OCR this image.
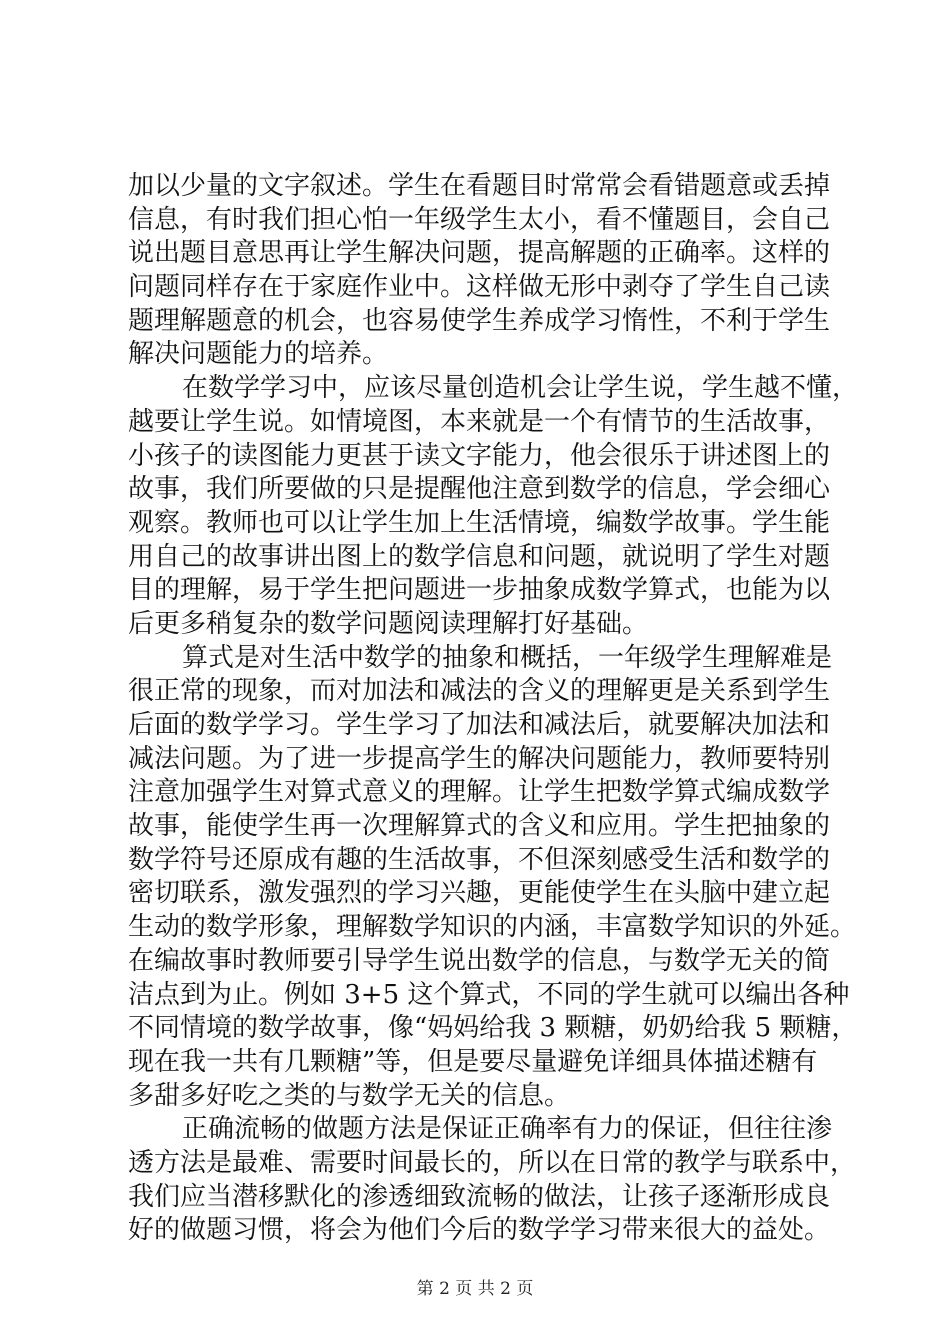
加以少量的文字叙述。学生在看题目时常常会看错题意或丢掉
信息，有时我们担心怕一年级学生太小，看不懂题目，会自己
说出题目意思再让学生解决问题，提高解题的正确率。这样的
问题同样存在于家庭作业中。这样做无形中剥夺了学生自己读
题理解题意的机会，也容易使学生养成学习惰性，不利于学生
解决问题能力的培养。
在数学学习中，应该尽量创造机会让学生说，学生越不懂，
越要让学生说。如情境图，本来就是一个有情节的生活故事，
小孩子的读图能力更甚于读文字能力，他会很乐于讲述图上的
故事，我们所要做的只是提醒他注意到数学的信息，学会细心
观察。教师也可以让学生加上生活情境，编数学故事。学生能
用自己的故事讲出图上的数学信息和问题，就说明了学生对题
目的理解，易于学生把问题进一步抽象成数学算式，也能为以
后更多稍复杂的数学问题阅读理解打好基础。
算式是对生活中数学的抽象和概括，一年级学生理解难是
很正常的现象，而对加法和减法的含义的理解更是关系到学生
后面的数学学习。学生学习了加法和减法后，就要解决加法和
减法问题。为了进一步提高学生的解决问题能力，教师要特别
注意加强学生对算式意义的理解。让学生把数学算式编成数学
故事，能使学生再一次理解算式的含义和应用。学生把抽象的
数学符号还原成有趣的生活故事，不但深刻感受生活和数学的
密切联系，激发强烈的学习兴趣，更能使学生在头脑中建立起
生动的数学形象，理解数学知识的内涵，丰富数学知识的外延。
在编故事时教师要引导学生说出数学的信息，与数学无关的简
洁点到为止。例如 3+5 这个算式，不同的学生就可以编出各种
不同情境的数学故事，像“妈妈给我 3 颗糖，奶奶给我 5 颗糖，
现在我一共有几颗糖”等，但是要尽量避免详细具体描述糖有
多甜多好吃之类的与数学无关的信息。
正确流畅的做题方法是保证正确率有力的保证，但往往渗
透方法是最难、需要时间最长的，所以在日常的教学与联系中，
我们应当潜移默化的渗透细致流畅的做法，让孩子逐渐形成良
好的做题习惯，将会为他们今后的数学学习带来很大的益处。
第 2 页 共 2 页
